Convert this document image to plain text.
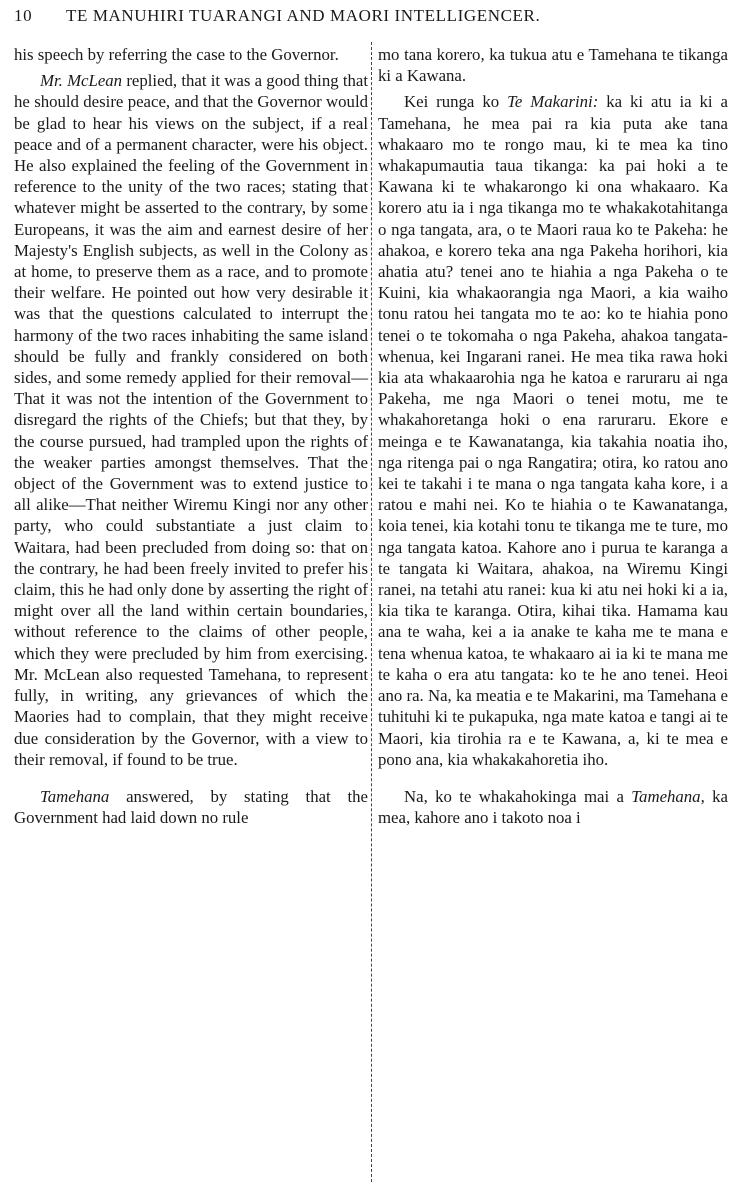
10 TE MANUHIRI TUARANGI AND MAORI INTELLIGENCER.

his speech by referring the case to the Governor.

Mr. McLean replied, that it was a good thing that he should desire peace, and that the Governor would be glad to hear his views on the subject, if a real peace and of a permanent character, were his object. He also explained the feeling of the Government in reference to the unity of the two races; stating that whatever might be asserted to the contrary, by some Europeans, it was the aim and earnest desire of her Majesty's English subjects, as well in the Colony as at home, to preserve them as a race, and to promote their welfare. He pointed out how very desirable it was that the questions calculated to interrupt the harmony of the two races inhabiting the same island should be fully and frankly considered on both sides, and some remedy applied for their removal—That it was not the intention of the Government to disregard the rights of the Chiefs; but that they, by the course pursued, had trampled upon the rights of the weaker parties amongst themselves. That the object of the Government was to extend justice to all alike—That neither Wiremu Kingi nor any other party, who could substantiate a just claim to Waitara, had been precluded from doing so: that on the contrary, he had been freely invited to prefer his claim, this he had only done by asserting the right of might over all the land within certain boundaries, without reference to the claims of other people, which they were precluded by him from exercising. Mr. McLean also requested Tamehana, to represent fully, in writing, any grievances of which the Maories had to complain, that they might receive due consideration by the Governor, with a view to their removal, if found to be true.

Tamehana answered, by stating that the Government had laid down no rule

mo tana korero, ka tukua atu e Tamehana te tikanga ki a Kawana.

Kei runga ko Te Makarini: ka ki atu ia ki a Tamehana, he mea pai ra kia puta ake tana whakaaro mo te rongo mau, ki te mea ka tino whakapumautia taua tikanga: ka pai hoki a te Kawana ki te whakarongo ki ona whakaaro. Ka korero atu ia i nga tikanga mo te whakakotahitanga o nga tangata, ara, o te Maori raua ko te Pakeha: he ahakoa, e korero teka ana nga Pakeha horihori, kia ahatia atu? tenei ano te hiahia a nga Pakeha o te Kuini, kia whakaorangia nga Maori, a kia waiho tonu ratou hei tangata mo te ao: ko te hiahia pono tenei o te tokomaha o nga Pakeha, ahakoa tangata-whenua, kei Ingarani ranei. He mea tika rawa hoki kia ata whakaarohia nga he katoa e raruraru ai nga Pakeha, me nga Maori o tenei motu, me te whakahoretanga hoki o ena raruraru. Ekore e meinga e te Kawanatanga, kia takahia noatia iho, nga ritenga pai o nga Rangatira; otira, ko ratou ano kei te takahi i te mana o nga tangata kaha kore, i a ratou e mahi nei. Ko te hiahia o te Kawanatanga, koia tenei, kia kotahi tonu te tikanga me te ture, mo nga tangata katoa. Kahore ano i purua te karanga a te tangata ki Waitara, ahakoa, na Wiremu Kingi ranei, na tetahi atu ranei: kua ki atu nei hoki ki a ia, kia tika te karanga. Otira, kihai tika. Hamama kau ana te waha, kei a ia anake te kaha me te mana e tena whenua katoa, te whakaaro ai ia ki te mana me te kaha o era atu tangata: ko te he ano tenei. Heoi ano ra. Na, ka meatia e te Makarini, ma Tamehana e tuhituhi ki te pukapuka, nga mate katoa e tangi ai te Maori, kia tirohia ra e te Kawana, a, ki te mea e pono ana, kia whakakahoretia iho.

Na, ko te whakahokinga mai a Tamehana, ka mea, kahore ano i takoto noa i
